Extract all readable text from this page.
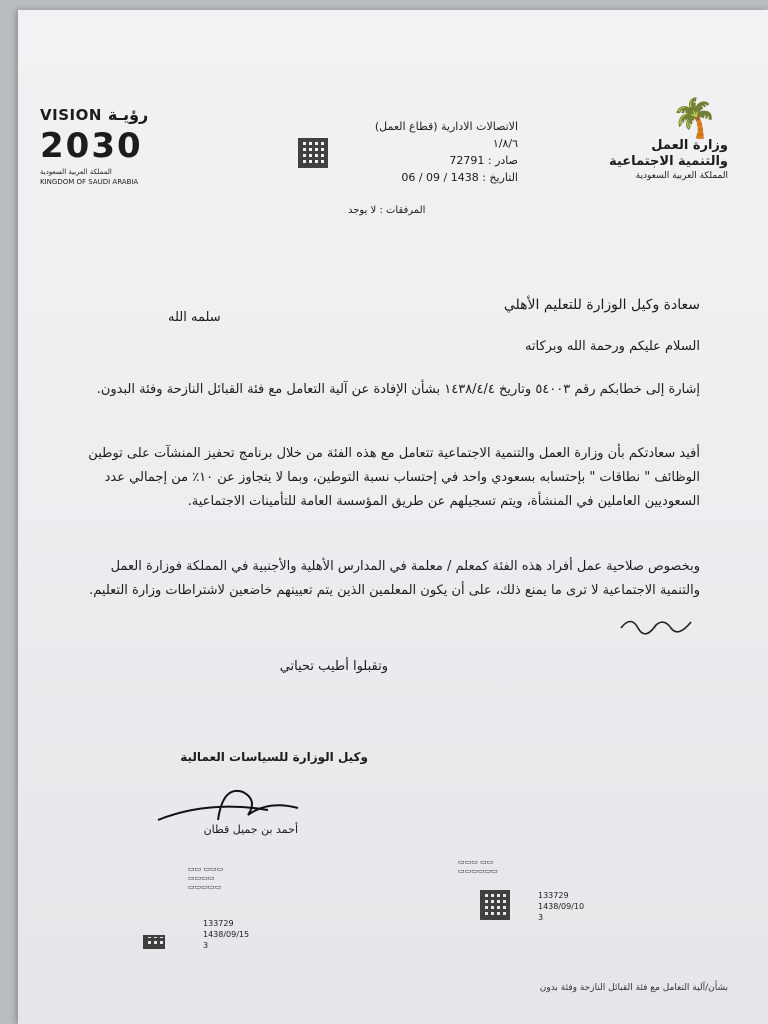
VISION رؤيـة
2030
المملكة العربية السعودية
KINGDOM OF SAUDI ARABIA
الاتصالات الادارية (قطاع العمل)
١/٨/٦
صادر : 72791
التاريخ : 1438 / 09 / 06
المرفقات : لا يوجد
🌴
وزارة العمل
والتنمية الاجتماعية
المملكة العربية السعودية
سعادة وكيل الوزارة للتعليم الأهلي
سلمه الله
السلام عليكم ورحمة الله وبركاته
إشارة إلى خطابكم رقم ٥٤٠٠٣ وتاريخ ١٤٣٨/٤/٤ بشأن الإفادة عن آلية التعامل مع فئة القبائل النازحة وفئة البدون.
أفيد سعادتكم بأن وزارة العمل والتنمية الاجتماعية تتعامل مع هذه الفئة من خلال برنامج تحفيز المنشآت على توطين الوظائف " نطاقات " بإحتسابه بسعودي واحد في إحتساب نسبة التوطين، وبما لا يتجاوز عن ١٠٪ من إجمالي عدد السعوديين العاملين في المنشأة، ويتم تسجيلهم عن طريق المؤسسة العامة للتأمينات الاجتماعية.
وبخصوص صلاحية عمل أفراد هذه الفئة كمعلم / معلمة في المدارس الأهلية والأجنبية في المملكة فوزارة العمل والتنمية الاجتماعية لا ترى ما يمنع ذلك، على أن يكون المعلمين الذين يتم تعيينهم خاضعين لاشتراطات وزارة التعليم.
وتقبلوا أطيب تحياتي
وكيل الوزارة للسياسات العمالية
أحمد بن جميل قطان
▭▭▭ ▭▭
▭▭▭▭▭▭
133729
1438/09/10
3
▭▭ ▭▭▭
▭▭▭▭
▭▭▭▭▭
133729
1438/09/15
3
بشأن/آلية التعامل مع فئة القبائل النازحة وفئة بدون
